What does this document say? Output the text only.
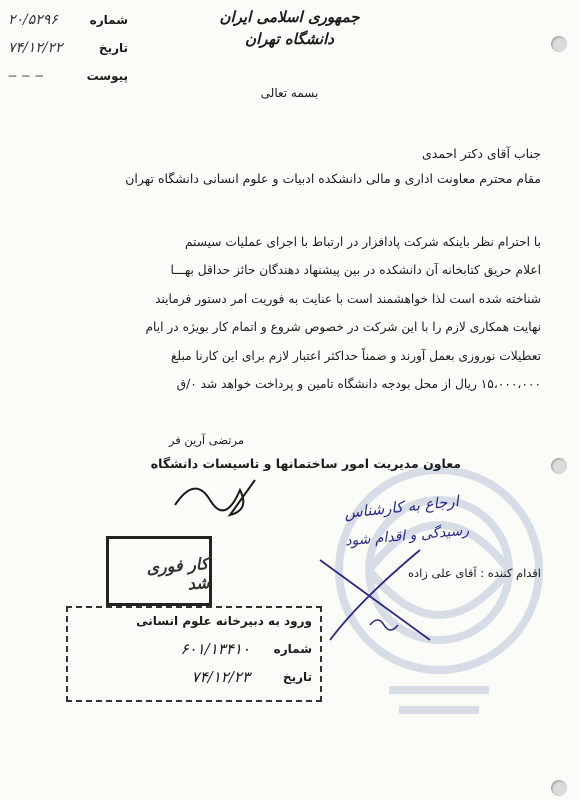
جمهوری اسلامی ایران
دانشگاه تهران
شماره
۲۰/۵۲۹۶
تاریخ
۷۴/۱۲/۲۲
پیوست
‒ ‒ ‒
بسمه تعالی
جناب آقای دکتر احمدی
مقام محترم معاونت اداری و مالی دانشکده ادبیات و علوم انسانی دانشگاه تهران
با احترام نظر باینکه شرکت پادافزار در ارتباط با اجرای عملیات سیستم
اعلام حریق کتابخانه آن دانشکده در بین پیشنهاد دهندگان حائز حداقل بهـــا
شناخته شده است لذا خواهشمند است با عنایت به فوریت امر دستور فرمایند
نهایت همکاری لازم را با این شرکت در خصوص شروع و اتمام کار بویژه در ایام
تعطیلات نوروزی بعمل آورند و ضمناً حداکثر اعتبار لازم برای این کارنا مبلغ
۱۵،۰۰۰،۰۰۰ ریال از محل بودجه دانشگاه تامین و پرداخت خواهد شد ۰/ق
مرتضی آرین فر
معاون مدیریت امور ساختمانها و تاسیسات دانشگاه
ارجاع به کارشناس
رسیدگی و اقدام شود
اقدام کننده : آقای علی زاده
کار فوری شد
ورود به دبیرخانه علوم انسانی
شماره
۶۰۱/۱۳۴۱۰
تاریخ
۷۴/۱۲/۲۳
